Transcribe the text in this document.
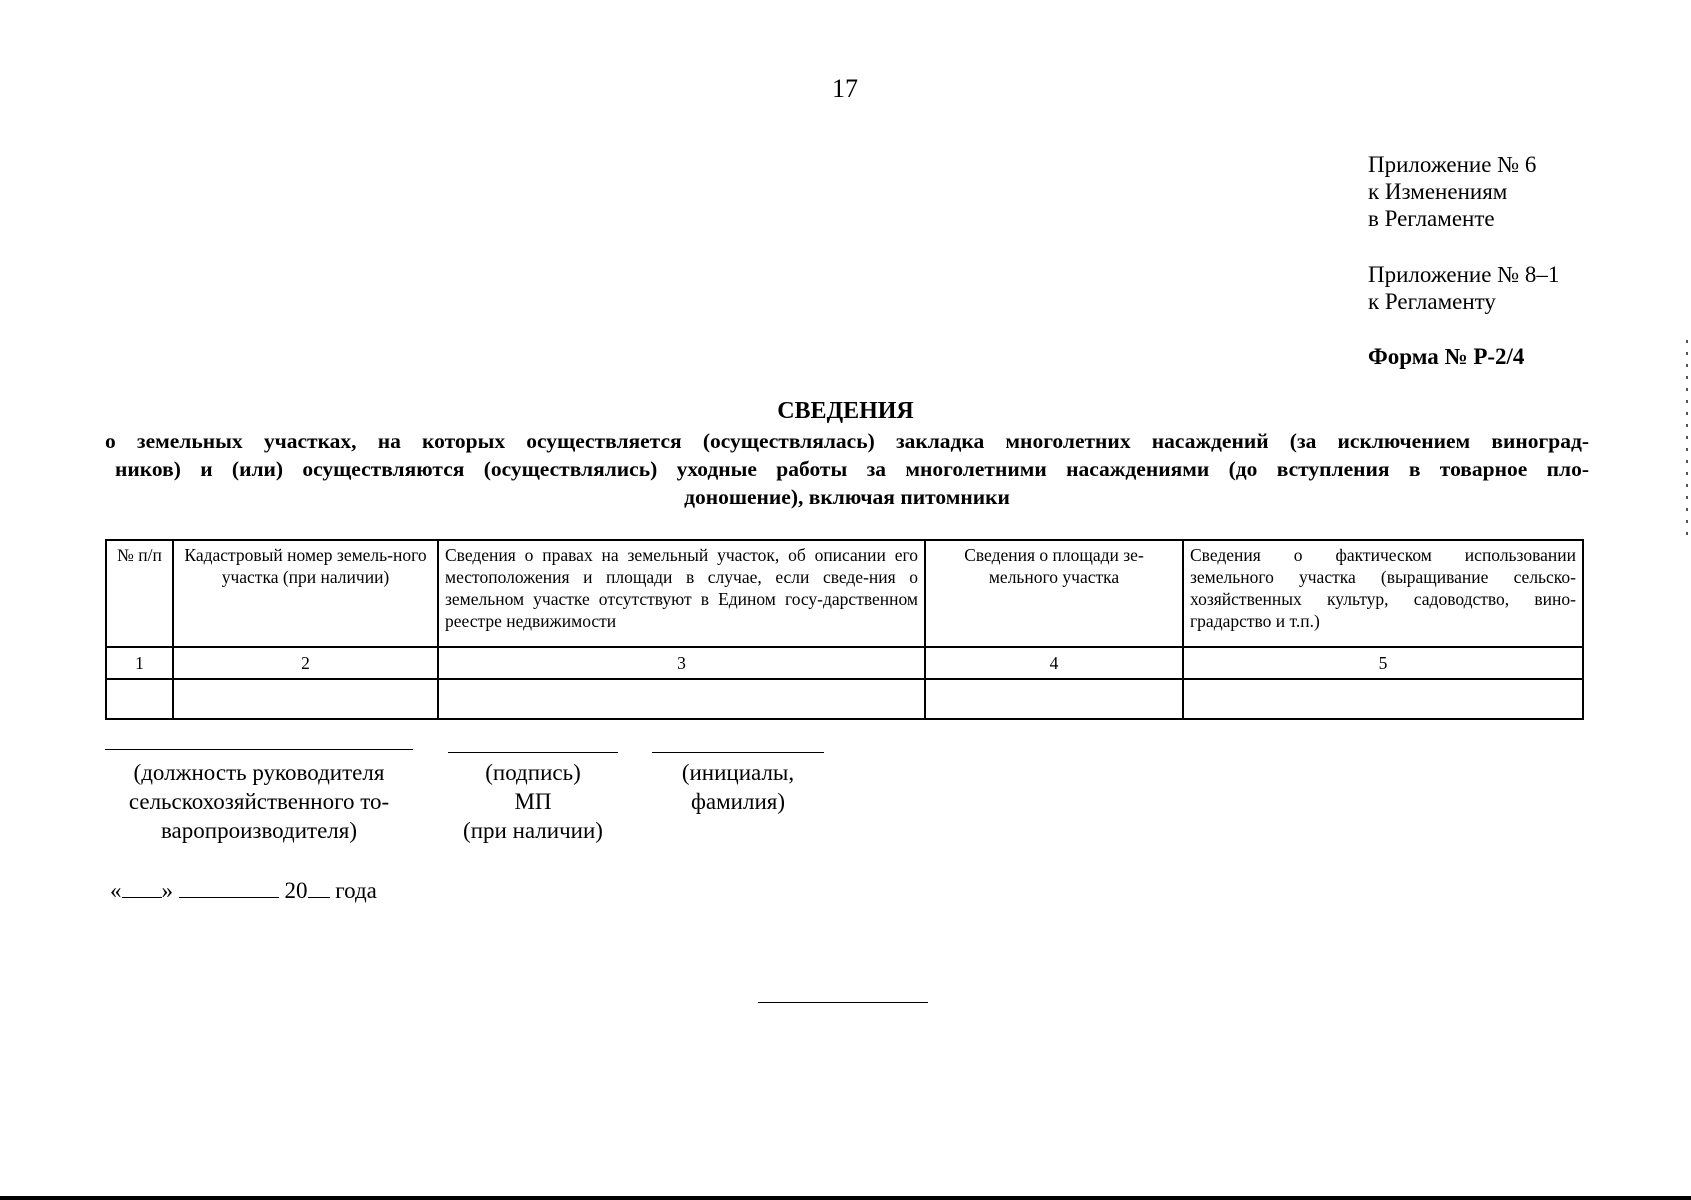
17
Приложение № 6
к Изменениям
в Регламенте
Приложение № 8–1
к Регламенту
Форма № Р-2/4
СВЕДЕНИЯ
о земельных участках, на которых осуществляется (осуществлялась) закладка многолетних насаждений (за исключением виноград-
ников) и (или) осуществляются (осуществлялись) уходные работы за многолетними насаждениями (до вступления в товарное пло-
доношение), включая питомники
№ п/п	Кадастровый номер земель-ного участка (при наличии)	Сведения о правах на земельный участок, об описании его местоположения и площади в случае, если сведе-ния о земельном участке отсутствуют в Едином госу-дарственном реестре недвижимости	Сведения о площади зе-мельного участка	Сведения о фактическом использовании земельного участка (выращивание сельско-хозяйственных культур, садоводство, вино-градарство и т.п.)
1	2	3	4	5

(должность руководителя
сельскохозяйственного то-
варопроизводителя)
(подпись)
МП
(при наличии)
(инициалы,
фамилия)
« »	20 года
